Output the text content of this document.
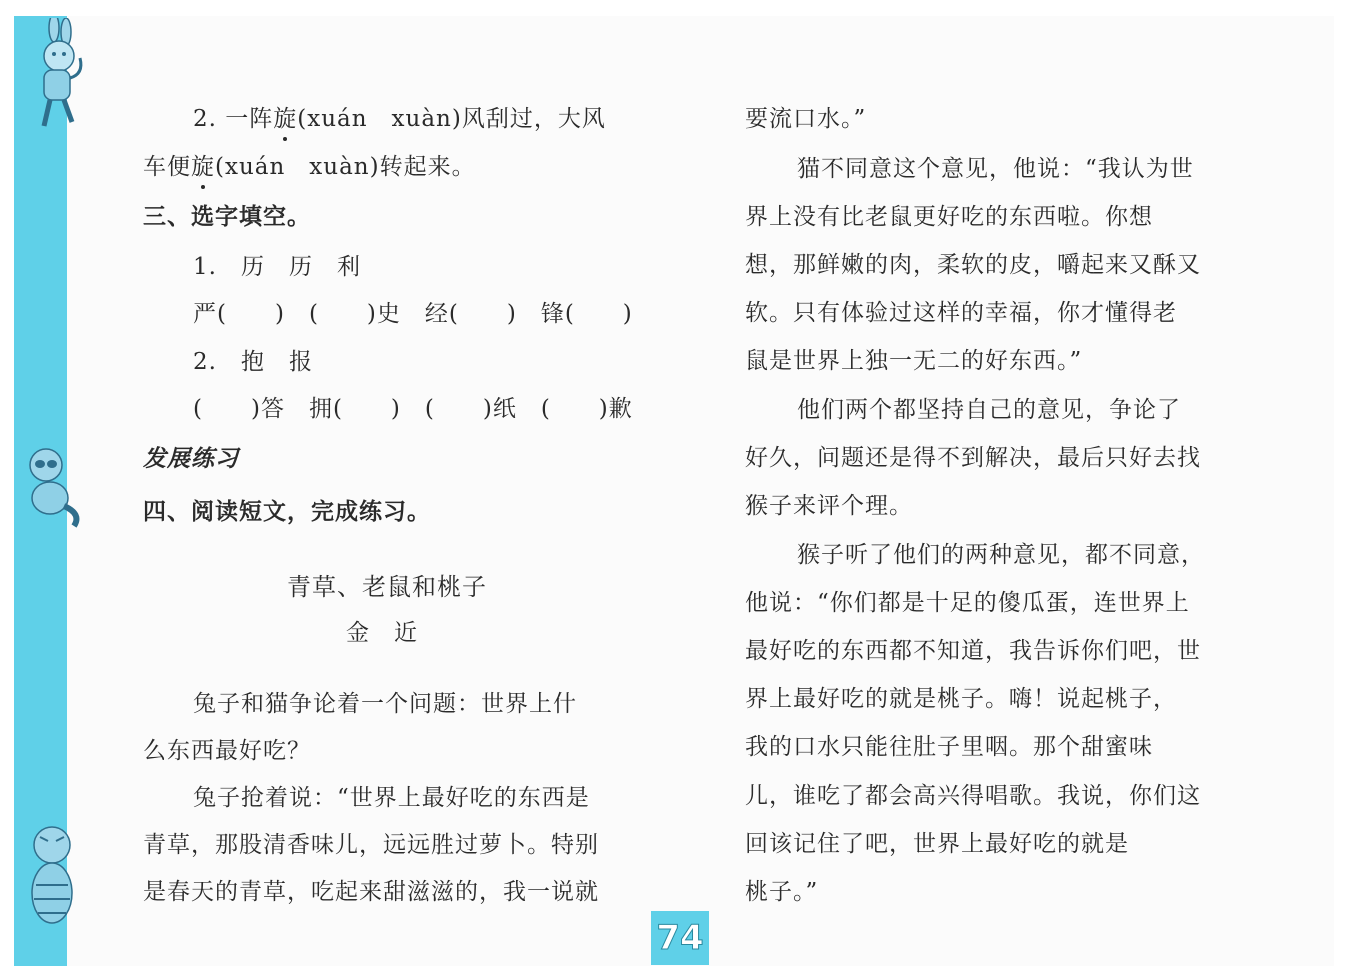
2. 一阵旋(xuán　xuàn)风刮过，大风
车便旋(xuán　xuàn)转起来。
三、选字填空。
1.　历　历　利
严(　　)　(　　)史　经(　　)　锋(　　)
2.　抱　报
(　　)答　拥(　　)　(　　)纸　(　　)歉
发展练习
四、阅读短文，完成练习。
青草、老鼠和桃子
金　近
兔子和猫争论着一个问题：世界上什
么东西最好吃？
兔子抢着说：“世界上最好吃的东西是
青草，那股清香味儿，远远胜过萝卜。特别
是春天的青草，吃起来甜滋滋的，我一说就
要流口水。”
猫不同意这个意见，他说：“我认为世
界上没有比老鼠更好吃的东西啦。你想
想，那鲜嫩的肉，柔软的皮，嚼起来又酥又
软。只有体验过这样的幸福，你才懂得老
鼠是世界上独一无二的好东西。”
他们两个都坚持自己的意见，争论了
好久，问题还是得不到解决，最后只好去找
猴子来评个理。
猴子听了他们的两种意见，都不同意，
他说：“你们都是十足的傻瓜蛋，连世界上
最好吃的东西都不知道，我告诉你们吧，世
界上最好吃的就是桃子。嗨！说起桃子，
我的口水只能往肚子里咽。那个甜蜜味
儿，谁吃了都会高兴得唱歌。我说，你们这
回该记住了吧，世界上最好吃的就是
桃子。”
74
